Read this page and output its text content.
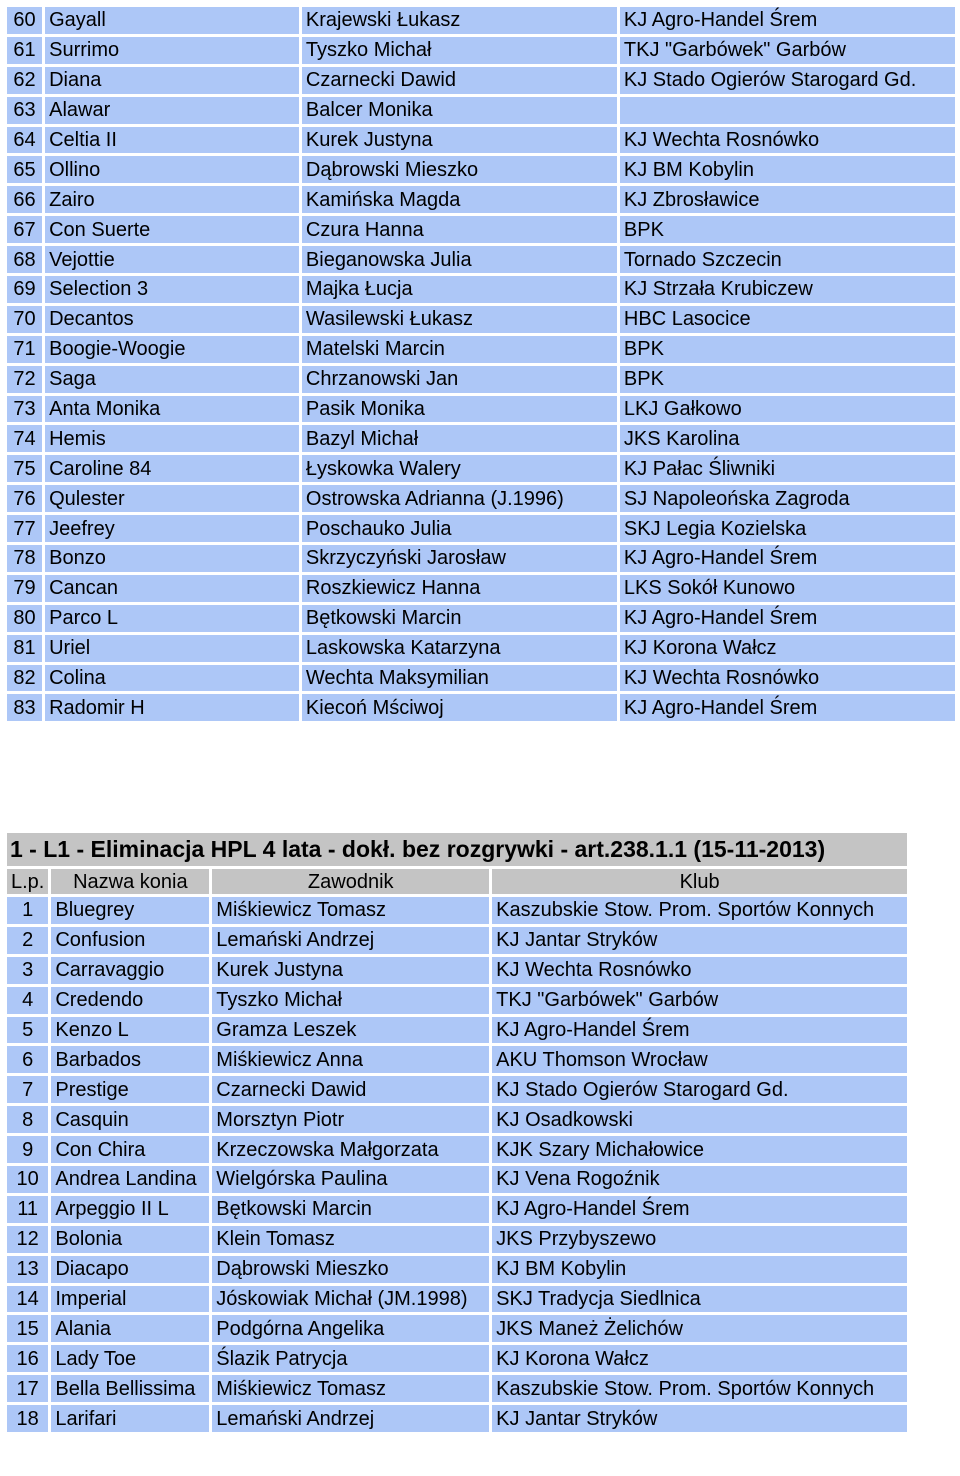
60	Gayall	Krajewski Łukasz	KJ Agro-Handel Śrem
61	Surrimo	Tyszko Michał	TKJ "Garbówek" Garbów
62	Diana	Czarnecki Dawid	KJ Stado Ogierów Starogard Gd.
63	Alawar	Balcer Monika	
64	Celtia II	Kurek Justyna	KJ Wechta Rosnówko
65	Ollino	Dąbrowski Mieszko	KJ BM Kobylin
66	Zairo	Kamińska Magda	KJ Zbrosławice
67	Con Suerte	Czura Hanna	BPK
68	Vejottie	Bieganowska Julia	Tornado Szczecin
69	Selection 3	Majka Łucja	KJ Strzała Krubiczew
70	Decantos	Wasilewski Łukasz	HBC Lasocice
71	Boogie-Woogie	Matelski Marcin	BPK
72	Saga	Chrzanowski Jan	BPK
73	Anta Monika	Pasik Monika	LKJ Gałkowo
74	Hemis	Bazyl Michał	JKS Karolina
75	Caroline 84	Łyskowka Walery	KJ Pałac Śliwniki
76	Qulester	Ostrowska Adrianna (J.1996)	SJ Napoleońska Zagroda
77	Jeefrey	Poschauko Julia	SKJ Legia Kozielska
78	Bonzo	Skrzyczyński Jarosław	KJ Agro-Handel Śrem
79	Cancan	Roszkiewicz Hanna	LKS Sokół Kunowo
80	Parco L	Bętkowski Marcin	KJ Agro-Handel Śrem
81	Uriel	Laskowska Katarzyna	KJ Korona Wałcz
82	Colina	Wechta Maksymilian	KJ Wechta Rosnówko
83	Radomir H	Kiecoń Mściwoj	KJ Agro-Handel Śrem
1 - L1 - Eliminacja HPL 4 lata - dokł. bez rozgrywki - art.238.1.1 (15-11-2013)
L.p.	Nazwa konia	Zawodnik	Klub
1	Bluegrey	Miśkiewicz Tomasz	Kaszubskie Stow. Prom. Sportów Konnych
2	Confusion	Lemański Andrzej	KJ Jantar Stryków
3	Carravaggio	Kurek Justyna	KJ Wechta Rosnówko
4	Credendo	Tyszko Michał	TKJ "Garbówek" Garbów
5	Kenzo L	Gramza Leszek	KJ Agro-Handel Śrem
6	Barbados	Miśkiewicz Anna	AKU Thomson Wrocław
7	Prestige	Czarnecki Dawid	KJ Stado Ogierów Starogard Gd.
8	Casquin	Morsztyn Piotr	KJ Osadkowski
9	Con Chira	Krzeczowska Małgorzata	KJK Szary Michałowice
10	Andrea Landina	Wielgórska Paulina	KJ Vena Rogoźnik
11	Arpeggio II L	Bętkowski Marcin	KJ Agro-Handel Śrem
12	Bolonia	Klein Tomasz	JKS Przybyszewo
13	Diacapo	Dąbrowski Mieszko	KJ BM Kobylin
14	Imperial	Jóskowiak Michał (JM.1998)	SKJ Tradycja Siedlnica
15	Alania	Podgórna Angelika	JKS Maneż Żelichów
16	Lady Toe	Ślazik Patrycja	KJ Korona Wałcz
17	Bella Bellissima	Miśkiewicz Tomasz	Kaszubskie Stow. Prom. Sportów Konnych
18	Larifari	Lemański Andrzej	KJ Jantar Stryków
